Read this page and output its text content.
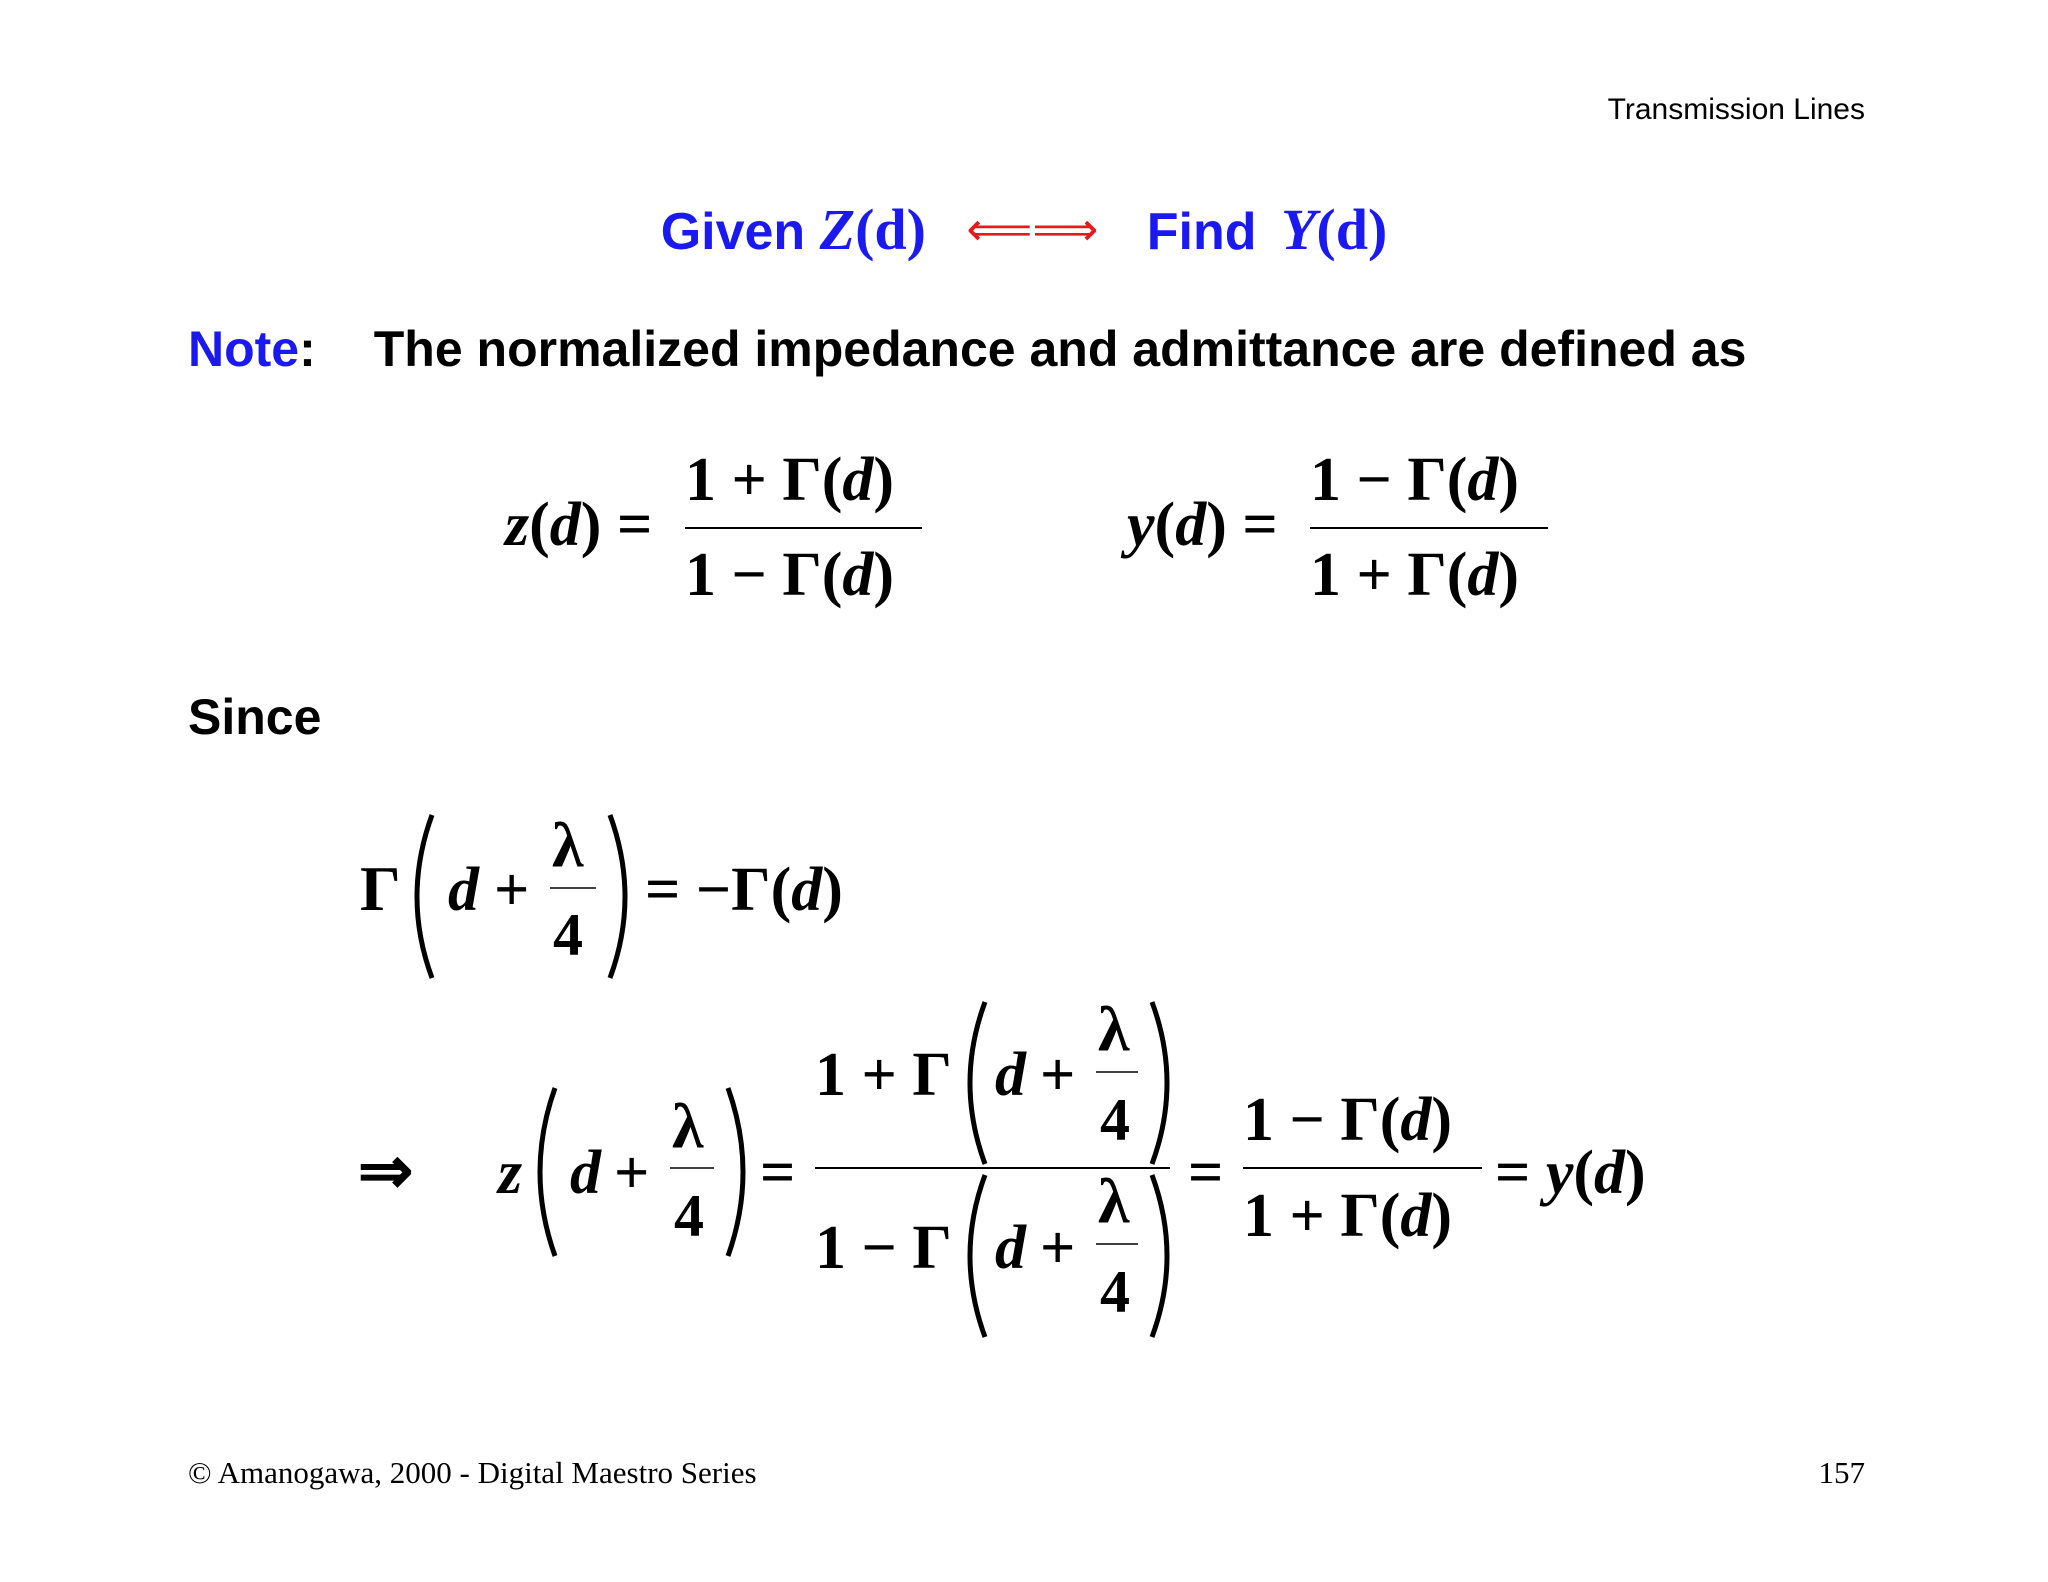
Transmission Lines
Given Z(d) ⟸⟹ Find Y(d)
Note: The normalized impedance and admittance are defined as
z(d) =
1 + Γ(d)
1 − Γ(d)
y(d) =
1 − Γ(d)
1 + Γ(d)
Γ d +
λ
4
= −Γ(d)
⇒ z d +
λ
4
=
1 + Γ d +
λ
4
1 − Γ d +
λ
4
=
1 − Γ(d)
1 + Γ(d)
= y(d)
Since
© Amanogawa, 2000 - Digital Maestro Series	157
